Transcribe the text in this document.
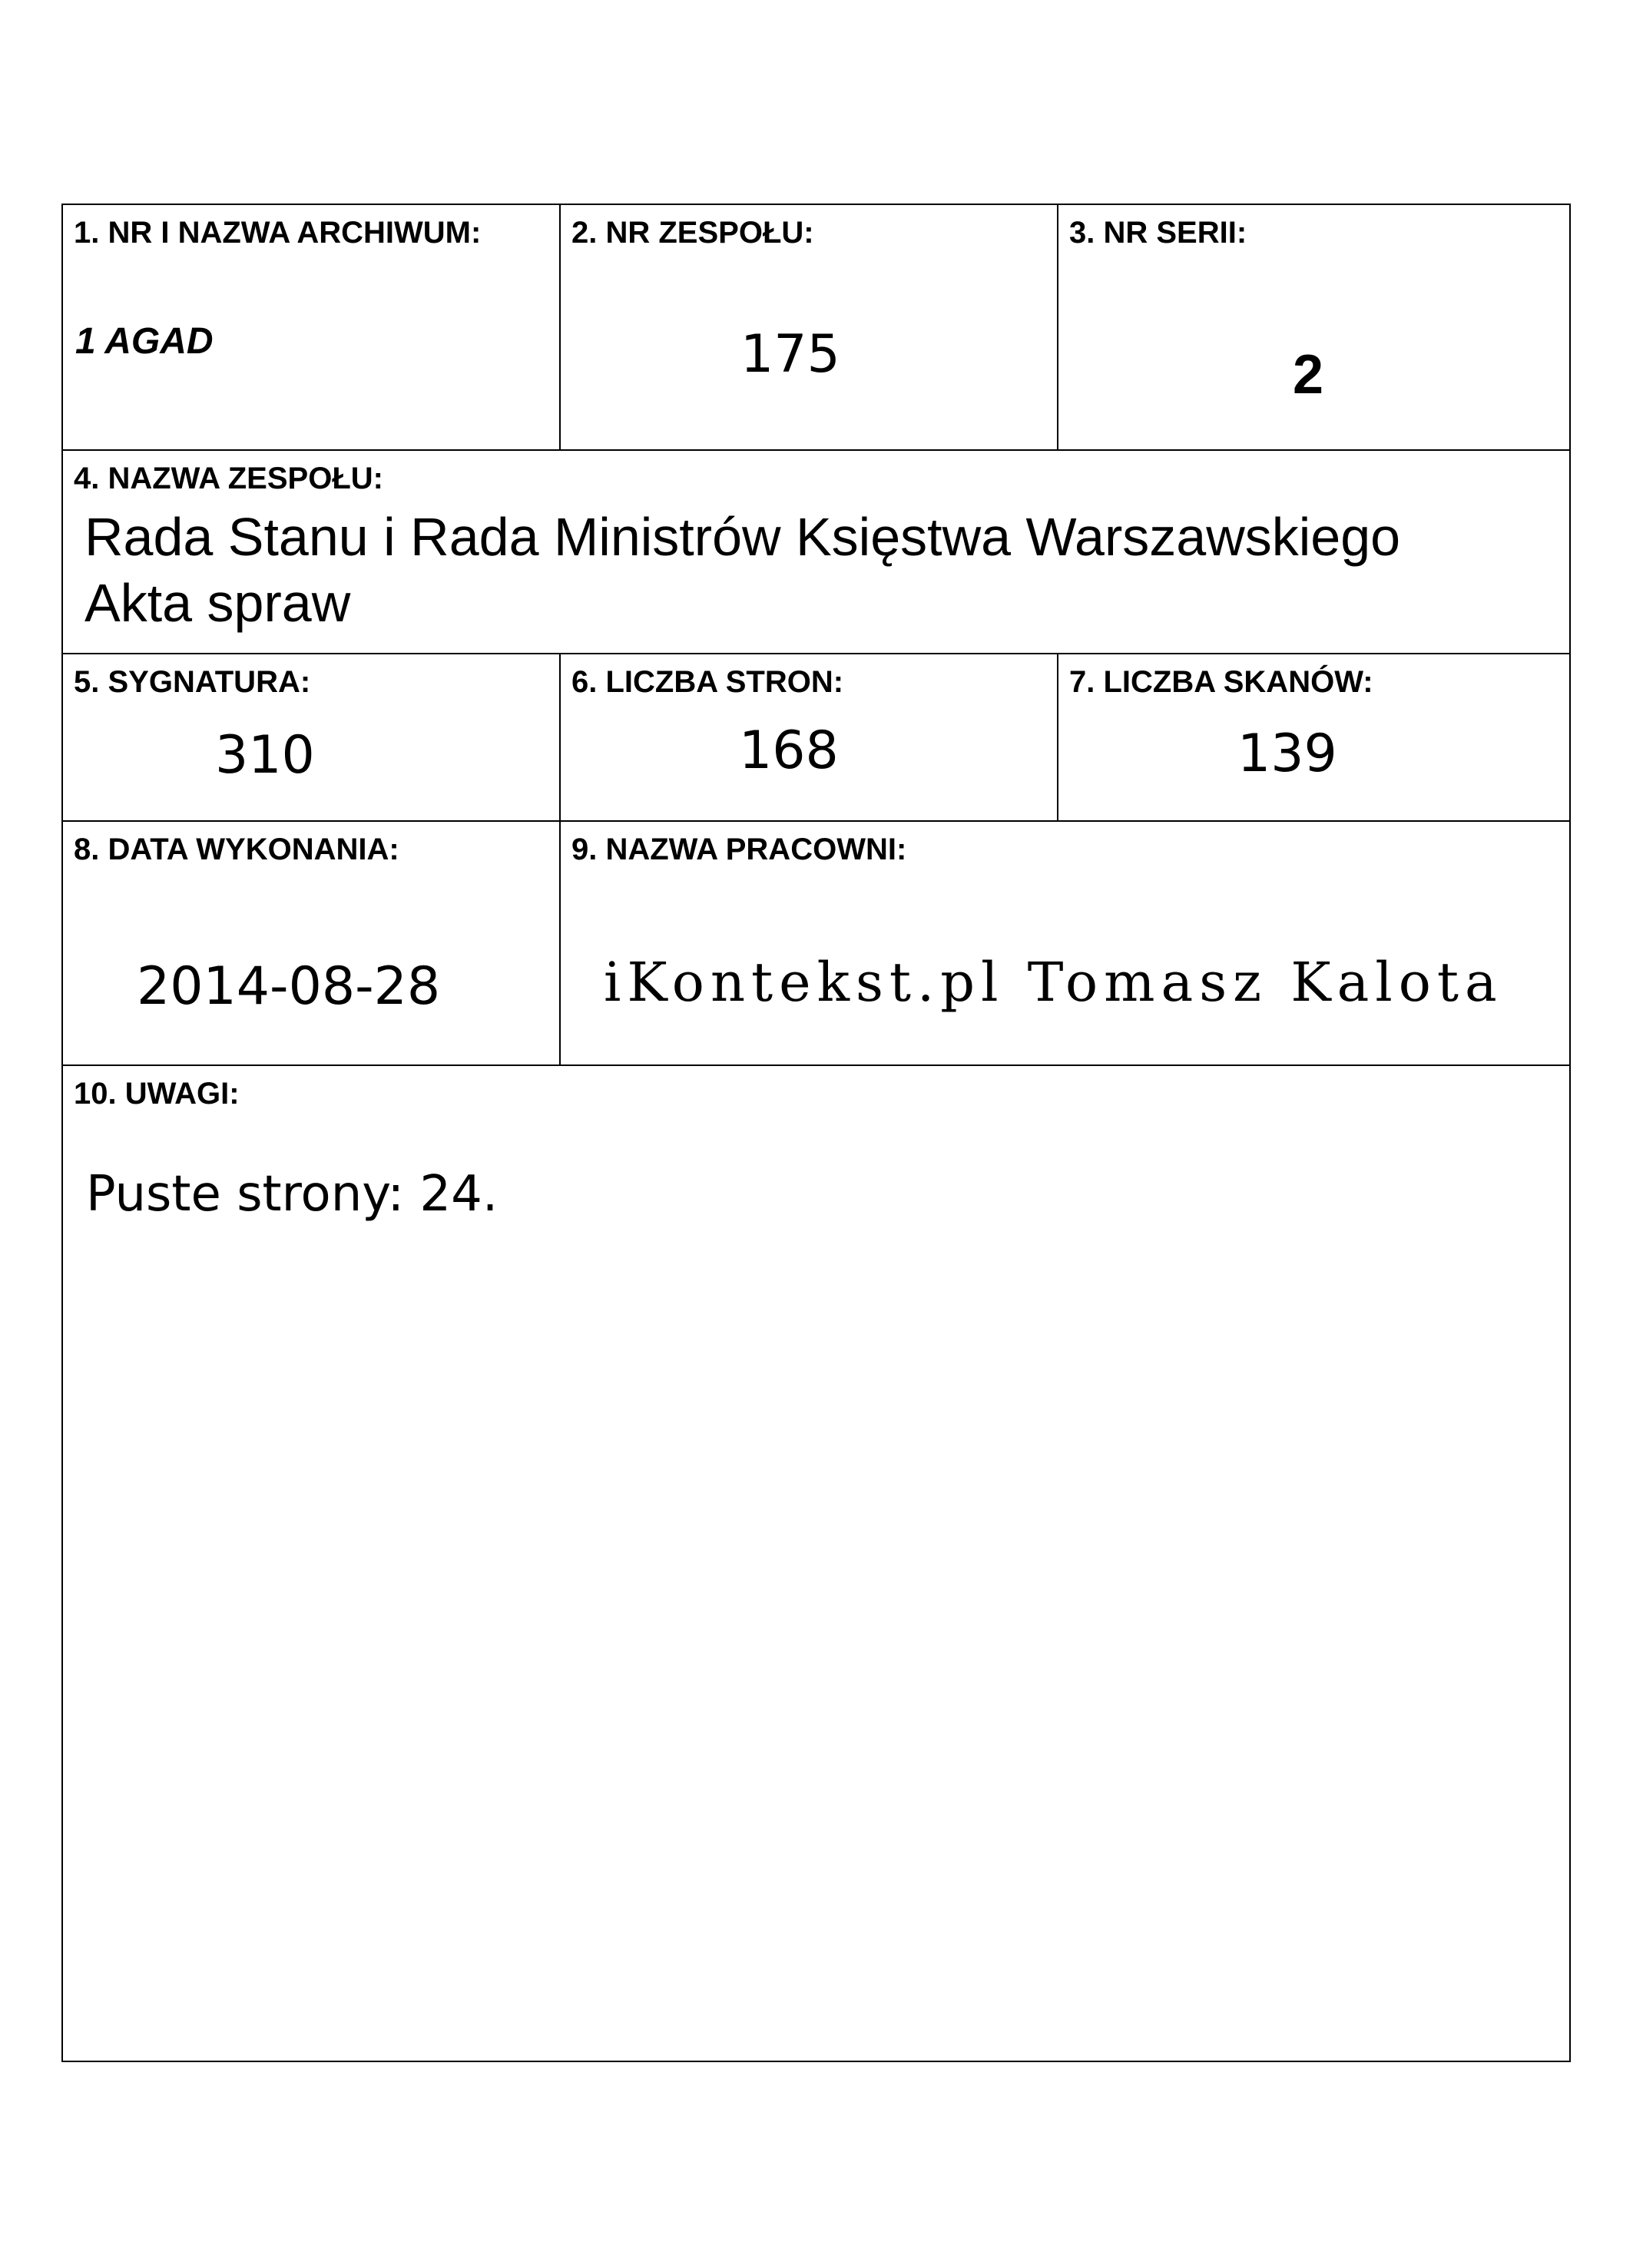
1. NR I NAZWA ARCHIWUM:
1 AGAD
2. NR ZESPOŁU:
175
3. NR SERII:
2
4. NAZWA ZESPOŁU:
Rada Stanu i Rada Ministrów Księstwa Warszawskiego
Akta spraw
5. SYGNATURA:
310
6. LICZBA STRON:
168
7. LICZBA SKANÓW:
139
8. DATA WYKONANIA:
2014-08-28
9. NAZWA PRACOWNI:
iKontekst.pl Tomasz Kalota
10. UWAGI:
Puste strony: 24.
